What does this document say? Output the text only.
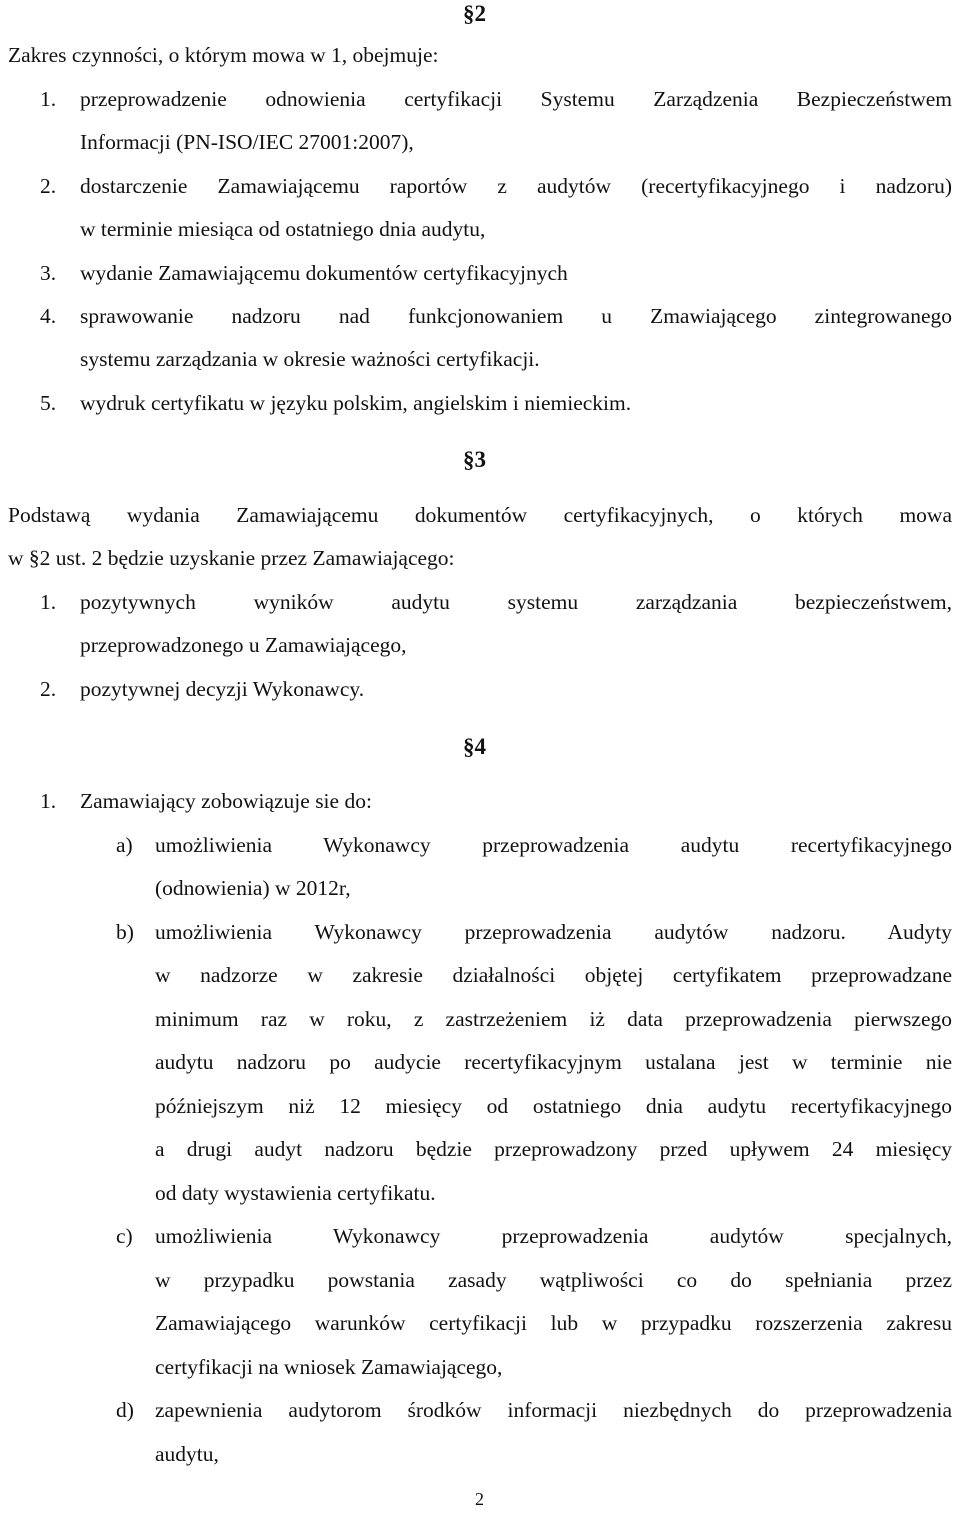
§2
Zakres czynności, o którym mowa w 1, obejmuje:
1. przeprowadzenie odnowienia certyfikacji Systemu Zarządzenia Bezpieczeństwem
Informacji (PN-ISO/IEC 27001:2007),
2. dostarczenie Zamawiającemu raportów z audytów (recertyfikacyjnego i nadzoru)
w terminie miesiąca od ostatniego dnia audytu,
3. wydanie Zamawiającemu dokumentów certyfikacyjnych
4. sprawowanie nadzoru nad funkcjonowaniem u Zmawiającego zintegrowanego
systemu zarządzania w okresie ważności certyfikacji.
5. wydruk certyfikatu w języku polskim, angielskim i niemieckim.
§3
Podstawą wydania Zamawiającemu dokumentów certyfikacyjnych, o których mowa
w §2 ust. 2 będzie uzyskanie przez Zamawiającego:
1. pozytywnych wyników audytu systemu zarządzania bezpieczeństwem,
przeprowadzonego u Zamawiającego,
2. pozytywnej decyzji Wykonawcy.
§4
1. Zamawiający zobowiązuje sie do:
a) umożliwienia Wykonawcy przeprowadzenia audytu recertyfikacyjnego
(odnowienia) w 2012r,
b) umożliwienia Wykonawcy przeprowadzenia audytów nadzoru. Audyty
w nadzorze w zakresie działalności objętej certyfikatem przeprowadzane
minimum raz w roku, z zastrzeżeniem iż data przeprowadzenia pierwszego
audytu nadzoru po audycie recertyfikacyjnym ustalana jest w terminie nie
późniejszym niż 12 miesięcy od ostatniego dnia audytu recertyfikacyjnego
a drugi audyt nadzoru będzie przeprowadzony przed upływem 24 miesięcy
od daty wystawienia certyfikatu.
c) umożliwienia Wykonawcy przeprowadzenia audytów specjalnych,
w przypadku powstania zasady wątpliwości co do spełniania przez
Zamawiającego warunków certyfikacji lub w przypadku rozszerzenia zakresu
certyfikacji na wniosek Zamawiającego,
d) zapewnienia audytorom środków informacji niezbędnych do przeprowadzenia
audytu,
2
